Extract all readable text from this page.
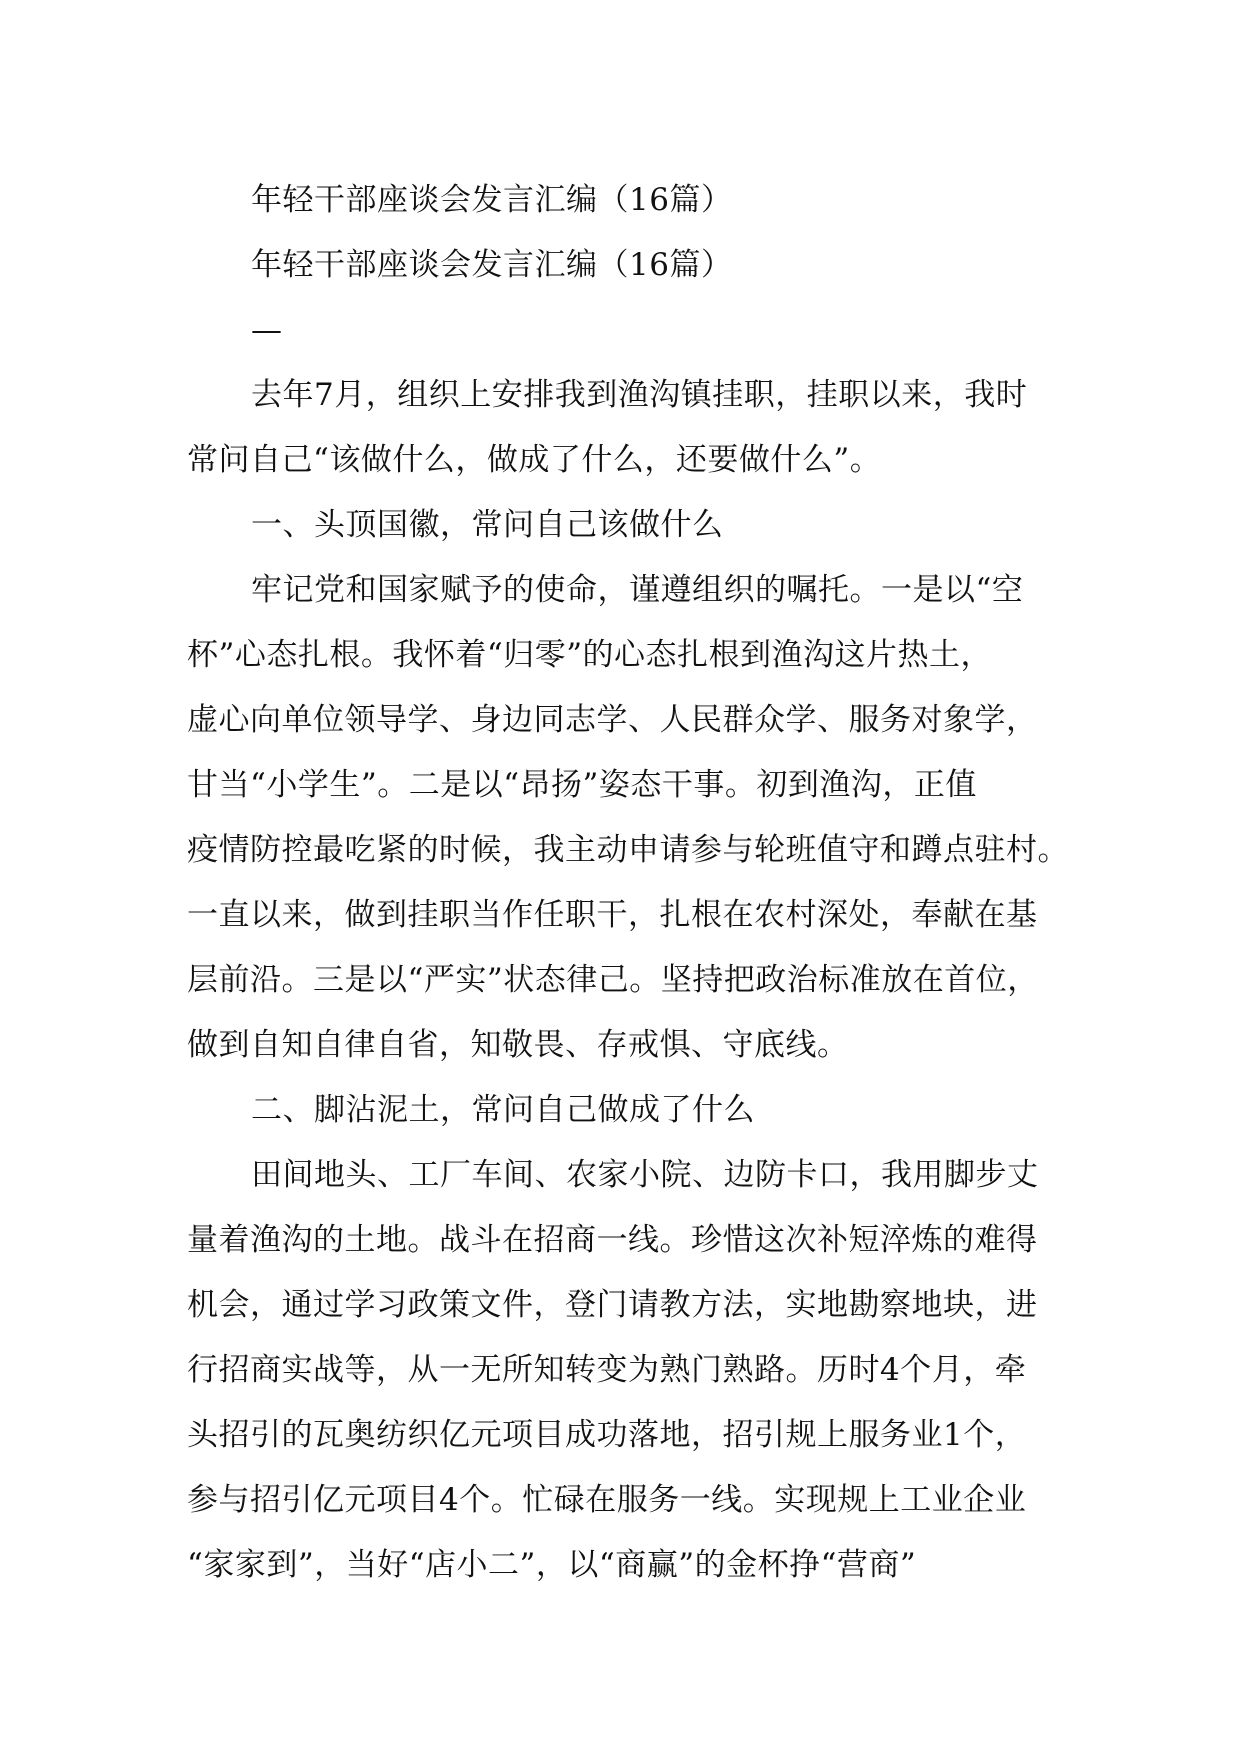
年轻干部座谈会发言汇编（16篇）
年轻干部座谈会发言汇编（16篇）
—
去年7月，组织上安排我到渔沟镇挂职，挂职以来，我时
常问自己“该做什么，做成了什么，还要做什么”。
一、头顶国徽，常问自己该做什么
牢记党和国家赋予的使命，谨遵组织的嘱托。一是以“空
杯”心态扎根。我怀着“归零”的心态扎根到渔沟这片热土，
虚心向单位领导学、身边同志学、人民群众学、服务对象学，
甘当“小学生”。二是以“昂扬”姿态干事。初到渔沟，正值
疫情防控最吃紧的时候，我主动申请参与轮班值守和蹲点驻村。
一直以来，做到挂职当作任职干，扎根在农村深处，奉献在基
层前沿。三是以“严实”状态律己。坚持把政治标准放在首位，
做到自知自律自省，知敬畏、存戒惧、守底线。
二、脚沾泥土，常问自己做成了什么
田间地头、工厂车间、农家小院、边防卡口，我用脚步丈
量着渔沟的土地。战斗在招商一线。珍惜这次补短淬炼的难得
机会，通过学习政策文件，登门请教方法，实地勘察地块，进
行招商实战等，从一无所知转变为熟门熟路。历时4个月，牵
头招引的瓦奥纺织亿元项目成功落地，招引规上服务业1个，
参与招引亿元项目4个。忙碌在服务一线。实现规上工业企业
“家家到”，当好“店小二”，以“商赢”的金杯挣“营商”
